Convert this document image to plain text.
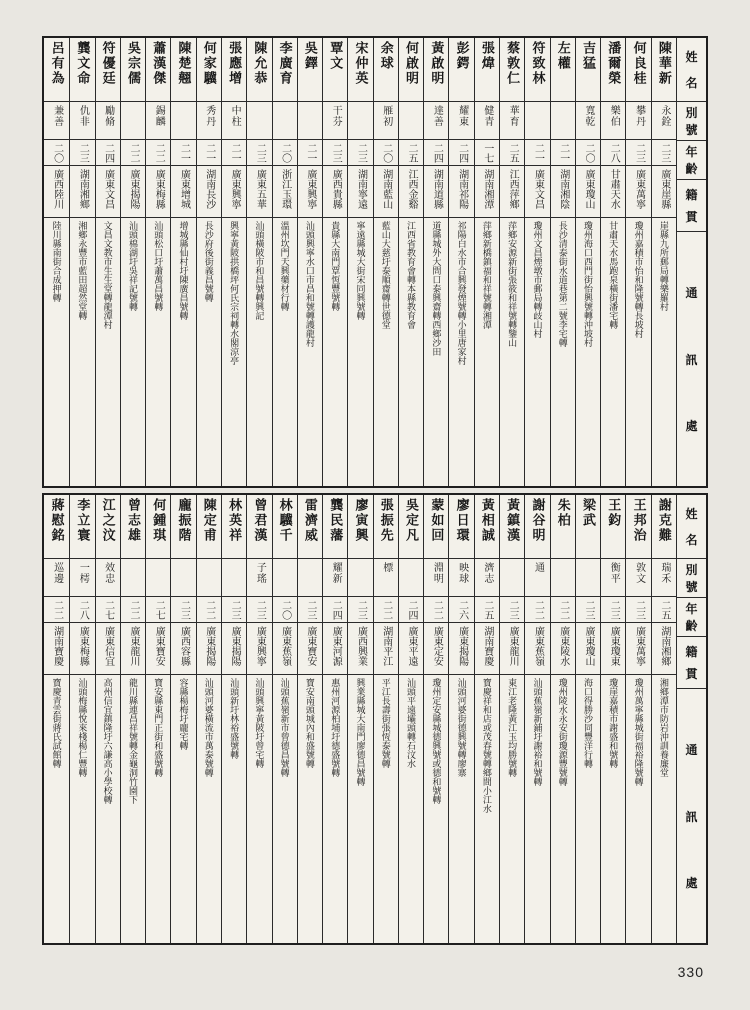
姓
名
別
號
年
齡
籍
貫
通
訊
處
陳華新
永銓
二三
廣東崖縣
崖縣九所郵局轉樂羅村
何良桂
攀丹
二三
廣東萬寧
瓊州嘉積市怡和隆號轉長坡村
潘爾榮
樂伯
二八
甘肅天水
甘肅天水馬跑泉橫街潘宅轉
吉猛
寬乾
二〇
廣東瓊山
瓊州海口西門街怡興號轉沖坡村
左權
二一
湖南湘陰
長沙清泰街水道巷第二號李宅轉
符致林
二一
廣東文昌
瓊州文昌煙墩市郵局轉歧山村
蔡敦仁
華育
二五
江西萍鄉
萍鄉安源新街張筱和祥號轉鑒山
張煒
健青
一七
湖南湘潭
萍鄉新橋鎮福和祥號轉湘潭
彭鍔
耀東
二四
湖南祁陽
祁陽白水市合興發煙號轉小里唐家村
黃啟明
達善
二四
湖南道縣
道縣城外大問口泰興齋轉西鄉沙田
何啟明
二五
江西金谿
江西省教育會轉本縣教育會
余球
雁初
二〇
湖南藍山
藍山大慈圩泰順齋轉世德堂
宋仲英
二三
湖南寧遠
寧遠縣城大街宋同興號轉
覃文
干芬
二三
廣西貴縣
貴縣大南門覃恆豐號轉
吳鐸
二一
廣東興寧
汕頭興寧水口市昌和號轉護龍村
李廣育
二〇
浙江玉環
溫州坎門天興藥材行轉
陳允恭
二三
廣東五華
汕頭橫陂市和昌號轉興記
張應增
中柱
二一
廣東興寧
興寧黃陂拱橋坪何氏宗祠轉水閣涼亭
何家驥
秀丹
二一
湖南長沙
長沙府後街義昌號轉
陳楚翹
二一
廣東增城
增城縣仙村圩陳廣昌號轉
蕭漢傑
錫麟
二二
廣東梅縣
汕頭松口圩蕭萬昌號轉
吳宗儒
二二
廣東揭陽
汕頭棉湖圩吳祥記號轉
符優廷
勵脩
二四
廣東文昌
文昌文教市生生堂轉龍潭村
龔文命
仇非
二三
湖南湘鄉
湘鄉永豐市藍田超然堂轉
呂有為
兼善
二〇
廣西陸川
陸川縣南街合成押轉
姓
名
別
號
年
齡
籍
貫
通
訊
處
謝克難
瑞禾
二五
湖南湘鄉
湘鄉潭市防岩沖訓養廉堂
王邦治
敦文
二三
廣東萬寧
瓊州萬寧縣城街福裕隆號轉
王鈞
衡平
二三
廣東瓊東
瓊崖嘉積市謝盛和號轉
梁武
二三
廣東瓊山
海口得勝沙同豐洋行轉
朱柏
二二
廣東陵水
瓊州陵水永安街瓊源豐號轉
謝谷明
通
二二
廣東蕉嶺
汕頭蕉嶺新鋪圩謝裕和號轉
黃鎮漢
二三
廣東龍川
東江老隆黃江玉均勝號轉
黃相誠
濟志
二五
湖南寶慶
寶慶祥和店或茂春號轉鄉間小江水
廖日環
映球
二六
廣東揭陽
汕頭河婆街德興號轉廖寨
蒙如回
淵明
二二
廣東定安
瓊州定安縣城德興號或德和號轉
吳定凡
二四
廣東平遠
汕頭平遠壩頭轉石汶水
張振先
標
二二
湖南平江
平江長壽街張恆泰號轉
廖寅興
二三
廣西興業
興業縣城大南門廖德昌號轉
龔民藩
耀新
二四
廣東河源
惠州河源柏埔圩德盛號轉
雷濟威
二三
廣東寶安
寶安南頭城內和盛號轉
林驥千
二〇
廣東蕉嶺
汕頭蕉嶺新市曾德昌號轉
曾君漢
子瑤
二三
廣東興寧
汕頭興寧黃陂圩曾宅轉
林英祥
二三
廣東揭陽
汕頭新圩林裕盛號轉
陳定甫
二二
廣東揭陽
汕頭河婆橫流市萬泰號轉
龐振階
二三
廣西容縣
容縣楊梅圩龐宅轉
何鍾琪
二七
廣東寶安
寶安縣東門正街和盛號轉
曾志雄
二二
廣東龍川
龍川縣連昌祥號轉金龜洞竹園下
江之汶
效忠
二七
廣東信宜
高州信宜鎮隆圩六謙高小學校轉
李立寰
一樗
二八
廣東梅縣
汕頭梅縣悅來棧楊仁豐轉
蔣慰銘
巡邊
二二
湖南寶慶
寶慶青雲街蔣氏試館轉
330
